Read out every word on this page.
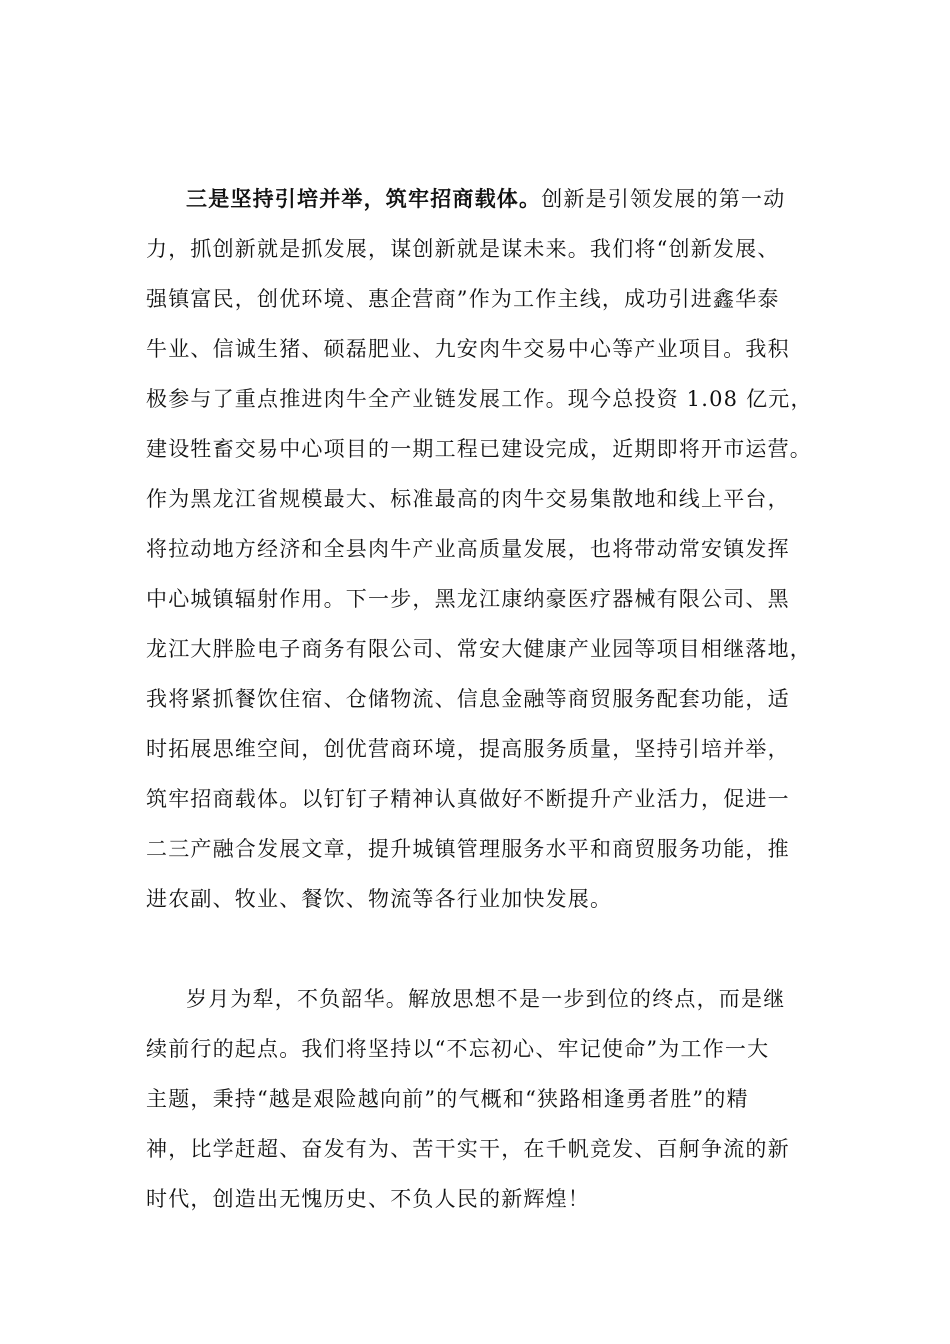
三是坚持引培并举，筑牢招商载体。创新是引领发展的第一动
力，抓创新就是抓发展，谋创新就是谋未来。我们将“创新发展、
强镇富民，创优环境、惠企营商”作为工作主线，成功引进鑫华泰
牛业、信诚生猪、硕磊肥业、九安肉牛交易中心等产业项目。我积
极参与了重点推进肉牛全产业链发展工作。现今总投资 1.08 亿元，
建设牲畜交易中心项目的一期工程已建设完成，近期即将开市运营。
作为黑龙江省规模最大、标准最高的肉牛交易集散地和线上平台，
将拉动地方经济和全县肉牛产业高质量发展，也将带动常安镇发挥
中心城镇辐射作用。下一步，黑龙江康纳豪医疗器械有限公司、黑
龙江大胖脸电子商务有限公司、常安大健康产业园等项目相继落地，
我将紧抓餐饮住宿、仓储物流、信息金融等商贸服务配套功能，适
时拓展思维空间，创优营商环境，提高服务质量，坚持引培并举，
筑牢招商载体。以钉钉子精神认真做好不断提升产业活力，促进一
二三产融合发展文章，提升城镇管理服务水平和商贸服务功能，推
进农副、牧业、餐饮、物流等各行业加快发展。
岁月为犁，不负韶华。解放思想不是一步到位的终点，而是继
续前行的起点。我们将坚持以“不忘初心、牢记使命”为工作一大
主题，秉持“越是艰险越向前”的气概和“狭路相逢勇者胜”的精
神，比学赶超、奋发有为、苦干实干，在千帆竞发、百舸争流的新
时代，创造出无愧历史、不负人民的新辉煌！
